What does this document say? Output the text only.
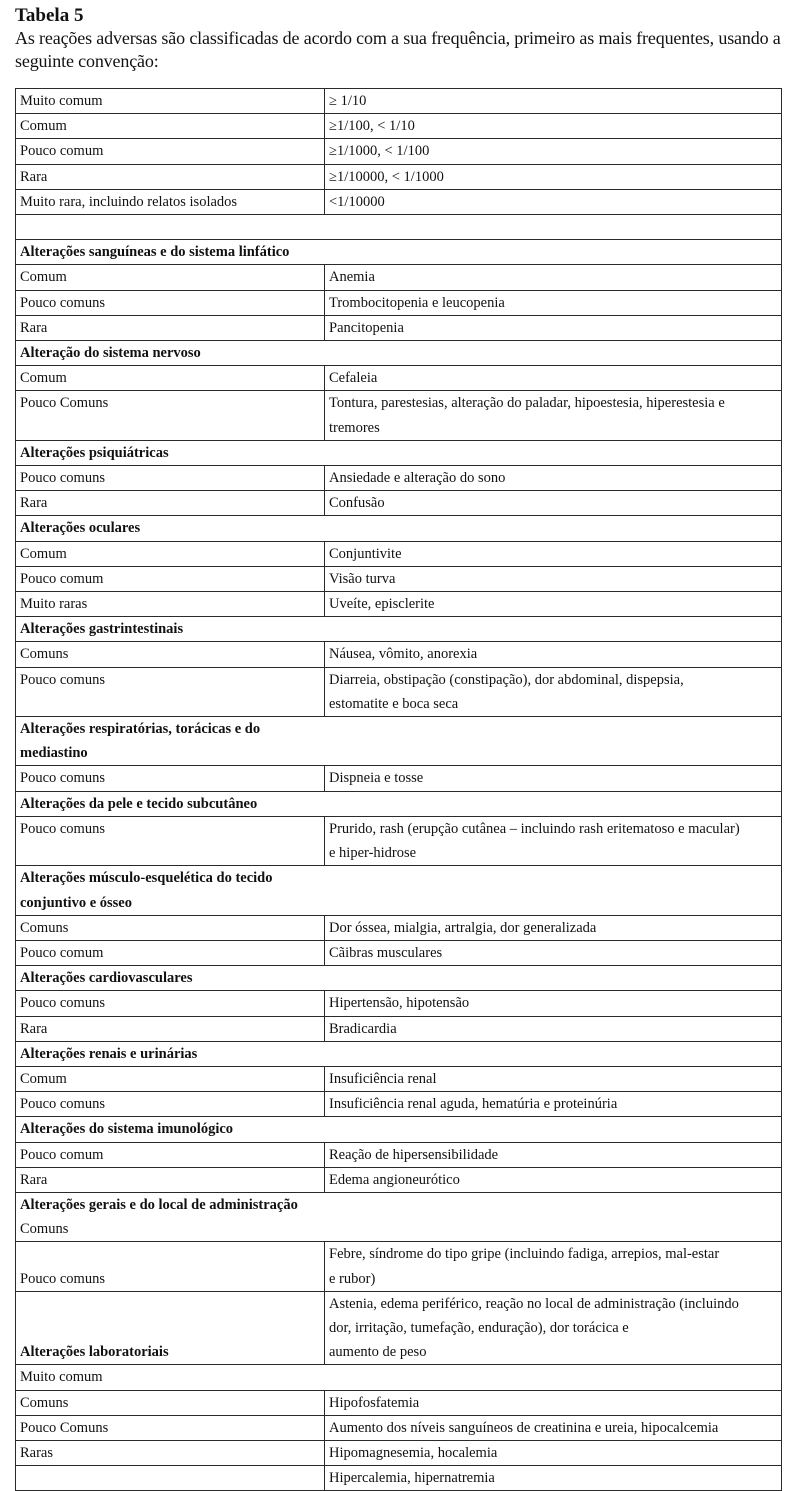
Tabela 5

As reações adversas são classificadas de acordo com a sua frequência, primeiro as mais frequentes, usando a seguinte convenção:

Muito comum	≥ 1/10
Comum	≥1/100, < 1/10
Pouco comum	≥1/1000, < 1/100
Rara	≥1/10000, < 1/1000
Muito rara, incluindo relatos isolados	<1/10000

Alterações sanguíneas e do sistema linfático	
Comum	Anemia
Pouco comuns	Trombocitopenia e leucopenia
Rara	Pancitopenia
Alteração do sistema nervoso	
Comum	Cefaleia
Pouco Comuns	Tontura, parestesias, alteração do paladar, hipoestesia, hiperestesia e
tremores
Alterações psiquiátricas	
Pouco comuns	Ansiedade e alteração do sono
Rara	Confusão
Alterações oculares	
Comum	Conjuntivite
Pouco comum	Visão turva
Muito raras	Uveíte, episclerite
Alterações gastrintestinais	
Comuns	Náusea, vômito, anorexia
Pouco comuns	Diarreia, obstipação (constipação), dor abdominal, dispepsia,
estomatite e boca seca
Alterações respiratórias, torácicas e do
mediastino	
Pouco comuns	Dispneia e tosse
Alterações da pele e tecido subcutâneo	
Pouco comuns	Prurido, rash (erupção cutânea – incluindo rash eritematoso e macular)
e hiper-hidrose
Alterações músculo-esquelética do tecido
conjuntivo e ósseo	
Comuns	Dor óssea, mialgia, artralgia, dor generalizada
Pouco comum	Cãibras musculares
Alterações cardiovasculares	
Pouco comuns	Hipertensão, hipotensão
Rara	Bradicardia
Alterações renais e urinárias	
Comum	Insuficiência renal
Pouco comuns	Insuficiência renal aguda, hematúria e proteinúria
Alterações do sistema imunológico	
Pouco comum	Reação de hipersensibilidade
Rara	Edema angioneurótico
Alterações gerais e do local de administração
Comuns	
Pouco comuns	Febre, síndrome do tipo gripe (incluindo fadiga, arrepios, mal-estar
e rubor)
Alterações laboratoriais	Astenia, edema periférico, reação no local de administração (incluindo
dor, irritação, tumefação, enduração), dor torácica e
aumento de peso
Muito comum	
Comuns	Hipofosfatemia
Pouco Comuns	Aumento dos níveis sanguíneos de creatinina e ureia, hipocalcemia
Raras	Hipomagnesemia, hocalemia
	Hipercalemia, hipernatremia
